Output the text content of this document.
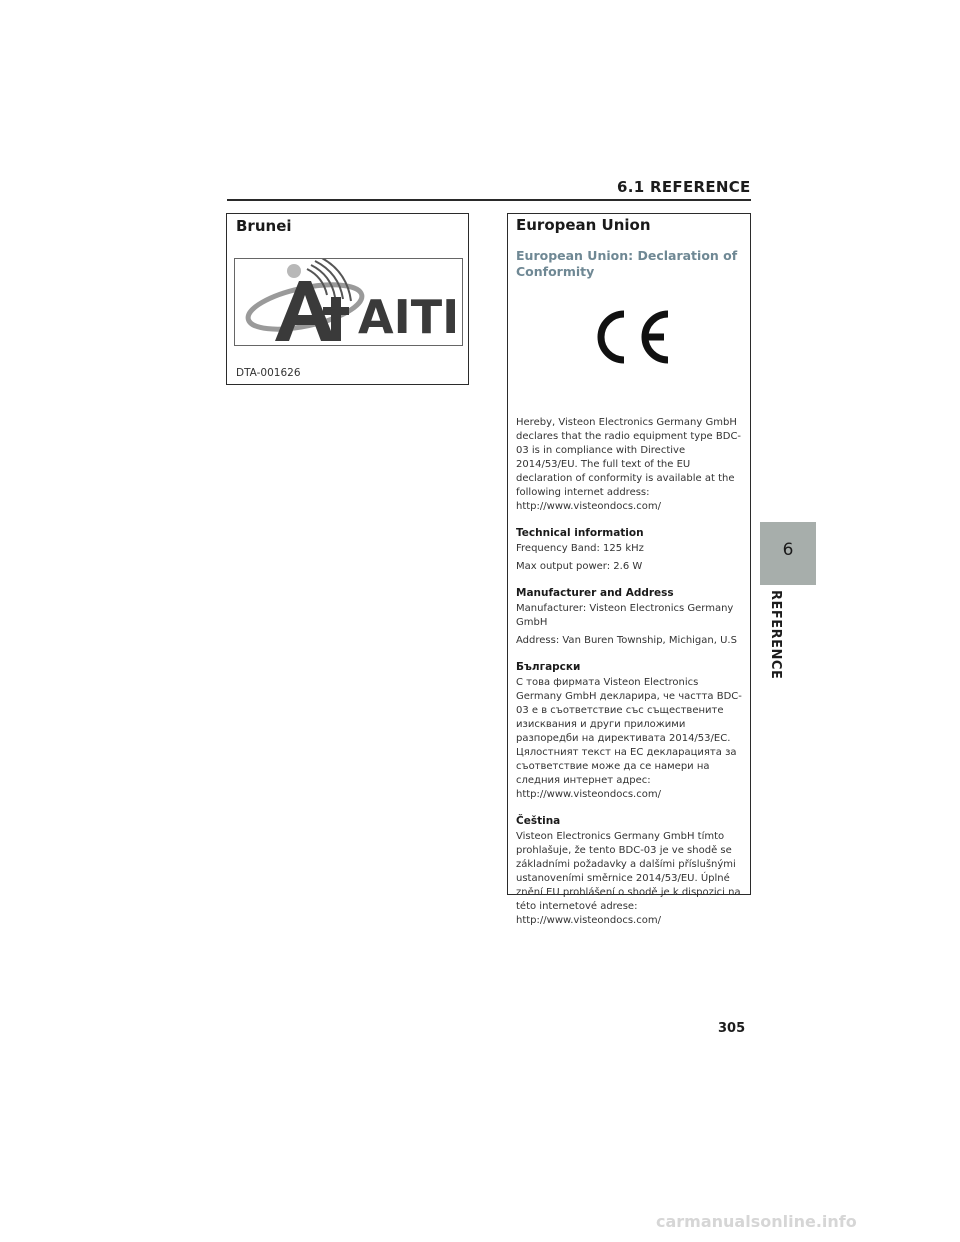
6.1 REFERENCE
Brunei
AITI
DTA-001626
European Union
European Union: Declaration of Conformity

Hereby, Visteon Electronics Germany GmbH declares that the radio equipment type BDC-03 is in compliance with Directive 2014/53/EU. The full text of the EU declaration of conformity is available at the following internet address: http://www.visteondocs.com/

Technical information

Frequency Band: 125 kHz

Max output power: 2.6 W

Manufacturer and Address

Manufacturer: Visteon Electronics Germany GmbH

Address: Van Buren Township, Michigan, U.S

Български

С това фирмата Visteon Electronics Germany GmbH декларира, че частта BDC-03 е в съответствие със съществените изисквания и други приложими разпоредби на директивата 2014/53/ЕС. Цялостният текст на ЕС декларацията за съответствие може да се намери на следния интернет адрес: http://www.visteondocs.com/

Čeština

Visteon Electronics Germany GmbH tímto prohlašuje, že tento BDC-03 je ve shodě se základními požadavky a dalšími příslušnými ustanoveními směrnice 2014/53/EU. Úplné znění EU prohlášení o shodě je k dispozici na této internetové adrese: http://www.visteondocs.com/

6
REFERENCE
305
carmanualsonline.info
